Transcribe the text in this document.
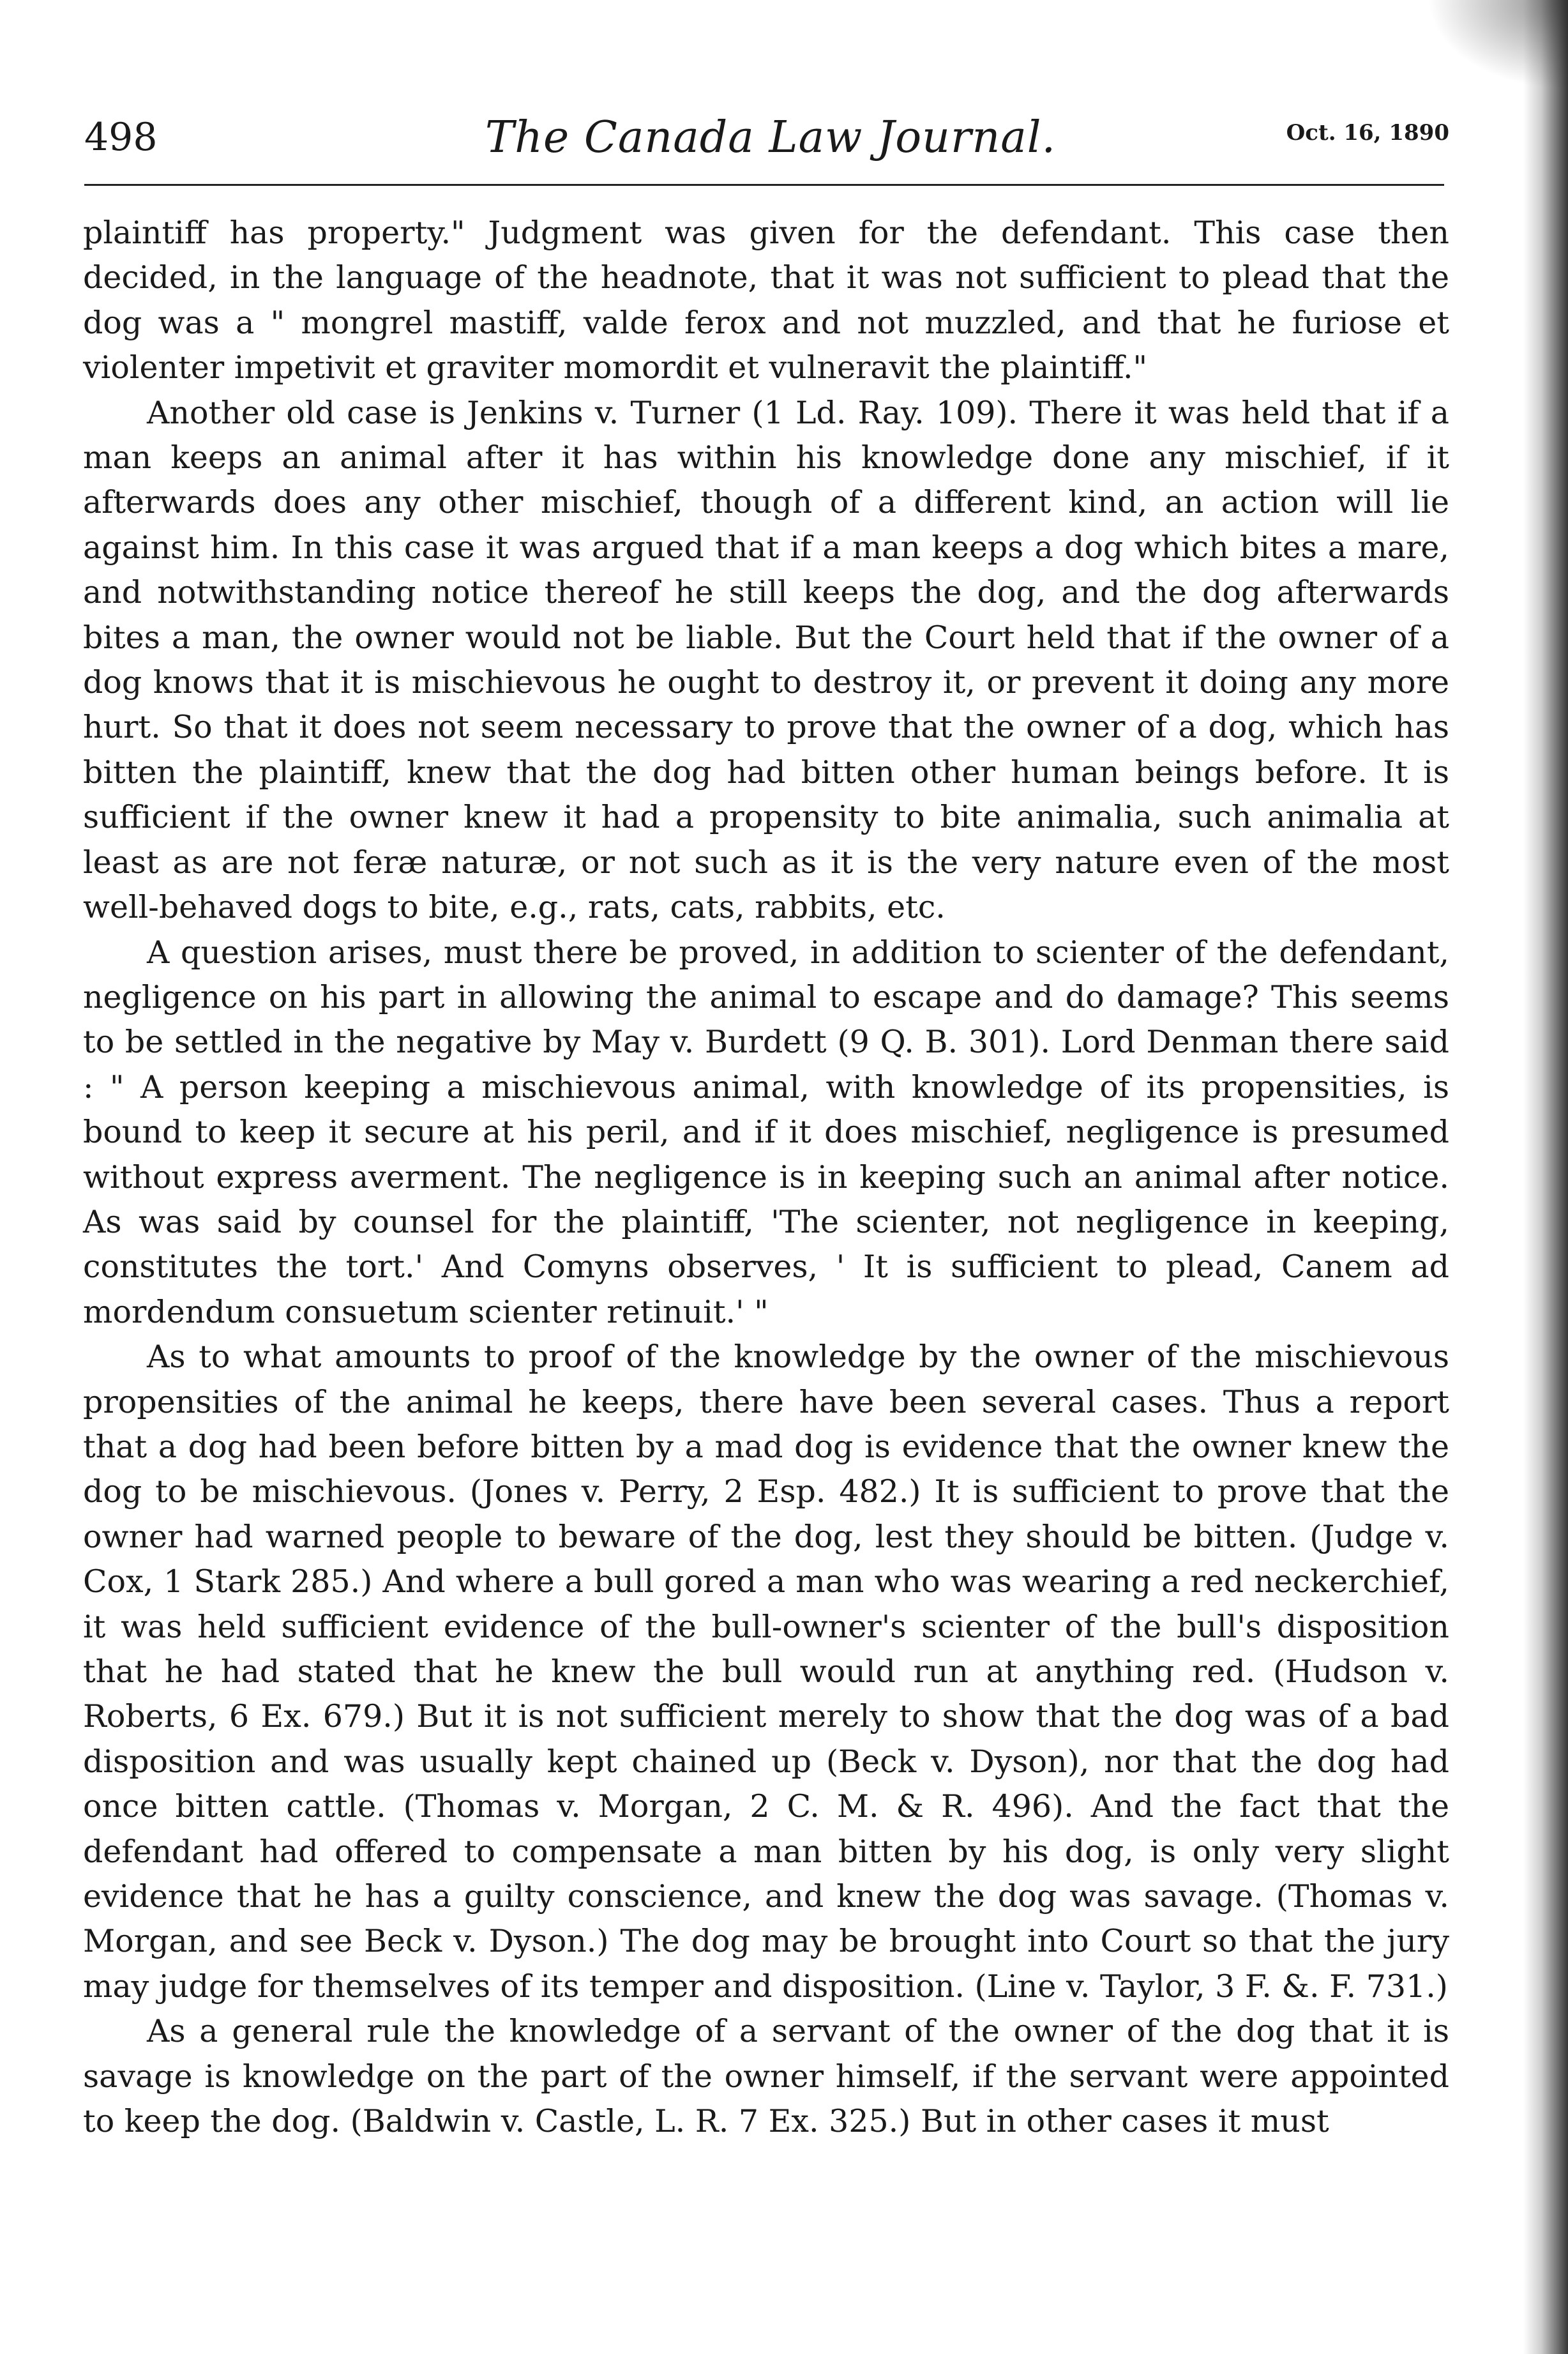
498	The Canada Law Journal.	Oct. 16, 1890

plaintiff has property." Judgment was given for the defendant. This case then decided, in the language of the headnote, that it was not sufficient to plead that the dog was a " mongrel mastiff, valde ferox and not muzzled, and that he furiose et violenter impetivit et graviter momordit et vulneravit the plaintiff."

Another old case is Jenkins v. Turner (1 Ld. Ray. 109). There it was held that if a man keeps an animal after it has within his knowledge done any mischief, if it afterwards does any other mischief, though of a different kind, an action will lie against him. In this case it was argued that if a man keeps a dog which bites a mare, and notwithstanding notice thereof he still keeps the dog, and the dog afterwards bites a man, the owner would not be liable. But the Court held that if the owner of a dog knows that it is mischievous he ought to destroy it, or prevent it doing any more hurt. So that it does not seem necessary to prove that the owner of a dog, which has bitten the plaintiff, knew that the dog had bitten other human beings before. It is sufficient if the owner knew it had a propensity to bite animalia, such animalia at least as are not feræ naturæ, or not such as it is the very nature even of the most well-behaved dogs to bite, e.g., rats, cats, rabbits, etc.

A question arises, must there be proved, in addition to scienter of the defendant, negligence on his part in allowing the animal to escape and do damage? This seems to be settled in the negative by May v. Burdett (9 Q. B. 301). Lord Denman there said : " A person keeping a mischievous animal, with knowledge of its propensities, is bound to keep it secure at his peril, and if it does mischief, negligence is presumed without express averment. The negligence is in keeping such an animal after notice. As was said by counsel for the plaintiff, 'The scienter, not negligence in keeping, constitutes the tort.' And Comyns observes, ' It is sufficient to plead, Canem ad mordendum consuetum scienter retinuit.' "

As to what amounts to proof of the knowledge by the owner of the mischievous propensities of the animal he keeps, there have been several cases. Thus a report that a dog had been before bitten by a mad dog is evidence that the owner knew the dog to be mischievous. (Jones v. Perry, 2 Esp. 482.) It is sufficient to prove that the owner had warned people to beware of the dog, lest they should be bitten. (Judge v. Cox, 1 Stark 285.) And where a bull gored a man who was wearing a red neckerchief, it was held sufficient evidence of the bull-owner's scienter of the bull's disposition that he had stated that he knew the bull would run at anything red. (Hudson v. Roberts, 6 Ex. 679.) But it is not sufficient merely to show that the dog was of a bad disposition and was usually kept chained up (Beck v. Dyson), nor that the dog had once bitten cattle. (Thomas v. Morgan, 2 C. M. & R. 496). And the fact that the defendant had offered to compensate a man bitten by his dog, is only very slight evidence that he has a guilty conscience, and knew the dog was savage. (Thomas v. Morgan, and see Beck v. Dyson.) The dog may be brought into Court so that the jury may judge for themselves of its temper and disposition. (Line v. Taylor, 3 F. &. F. 731.)

As a general rule the knowledge of a servant of the owner of the dog that it is savage is knowledge on the part of the owner himself, if the servant were appointed to keep the dog. (Baldwin v. Castle, L. R. 7 Ex. 325.) But in other cases it must
